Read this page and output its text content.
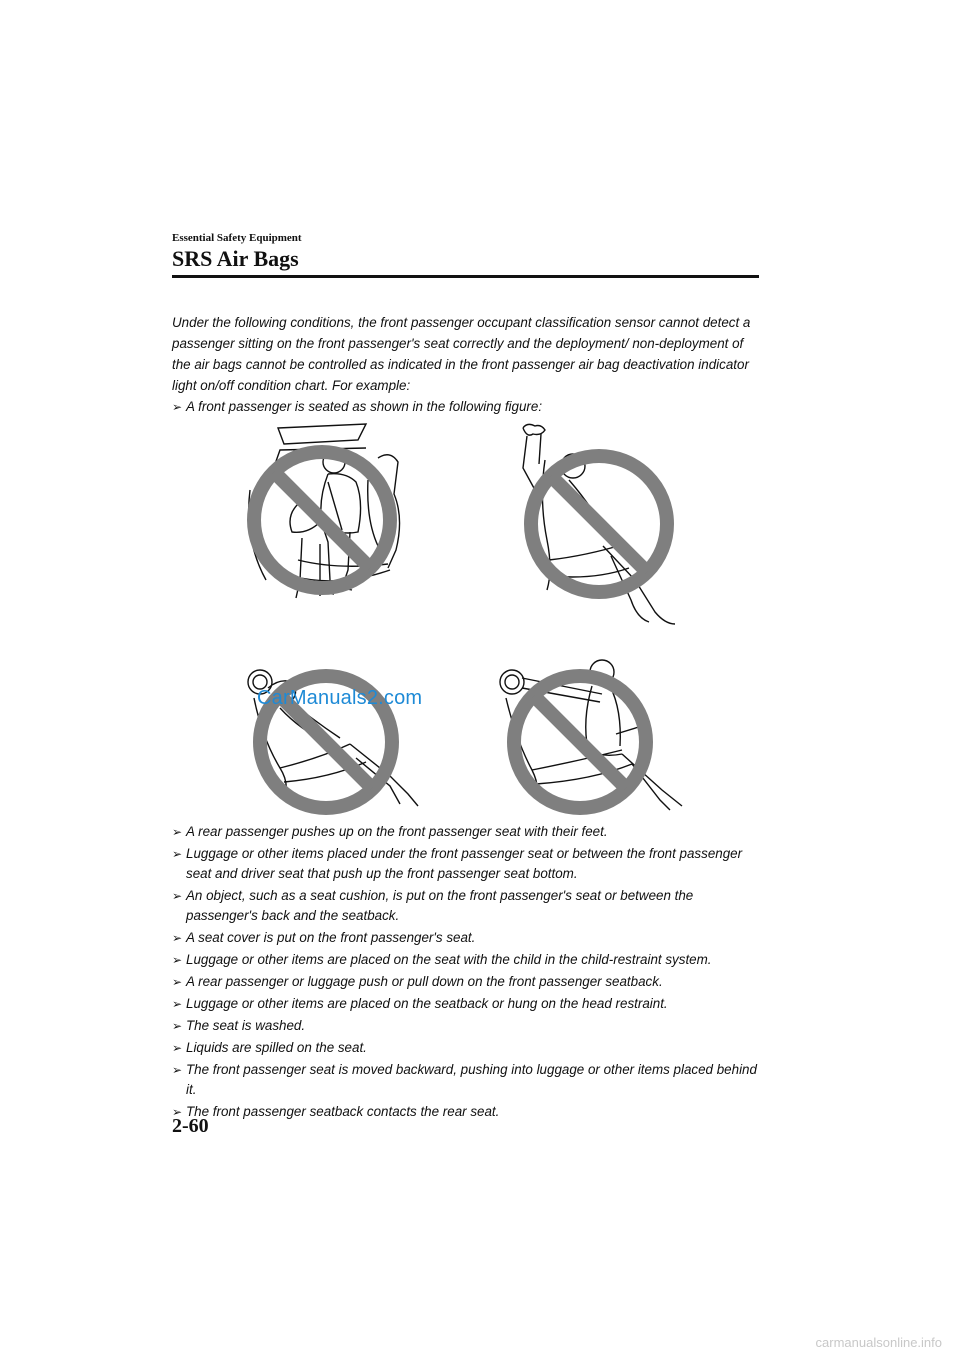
Essential Safety Equipment
SRS Air Bags
Under the following conditions, the front passenger occupant classification sensor cannot detect a passenger sitting on the front passenger's seat correctly and the deployment/ non-deployment of the air bags cannot be controlled as indicated in the front passenger air bag deactivation indicator light on/off condition chart. For example:
➢ A front passenger is seated as shown in the following figure:
CarManuals2.com
➢ A rear passenger pushes up on the front passenger seat with their feet.
➢ Luggage or other items placed under the front passenger seat or between the front passenger seat and driver seat that push up the front passenger seat bottom.
➢ An object, such as a seat cushion, is put on the front passenger's seat or between the passenger's back and the seatback.
➢ A seat cover is put on the front passenger's seat.
➢ Luggage or other items are placed on the seat with the child in the child-restraint system.
➢ A rear passenger or luggage push or pull down on the front passenger seatback.
➢ Luggage or other items are placed on the seatback or hung on the head restraint.
➢ The seat is washed.
➢ Liquids are spilled on the seat.
➢ The front passenger seat is moved backward, pushing into luggage or other items placed behind it.
➢ The front passenger seatback contacts the rear seat.
2-60
carmanualsonline.info
